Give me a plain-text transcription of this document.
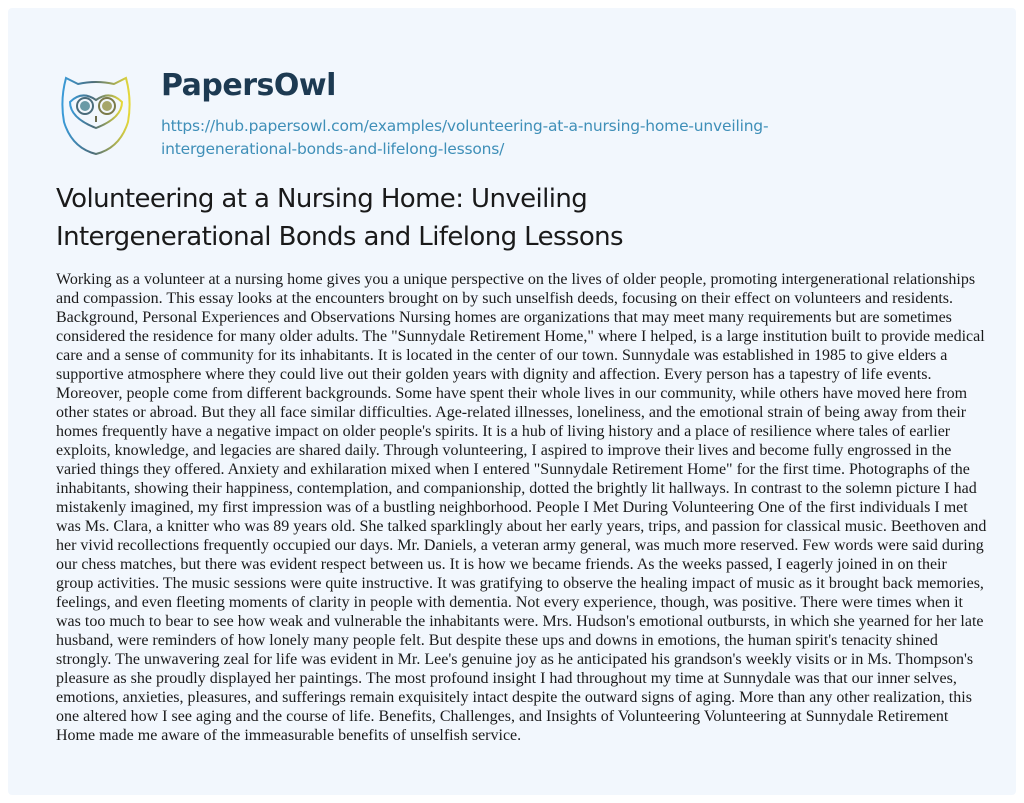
PapersOwl
https://hub.papersowl.com/examples/volunteering-at-a-nursing-home-unveiling-
intergenerational-bonds-and-lifelong-lessons/
Volunteering at a Nursing Home: Unveiling
Intergenerational Bonds and Lifelong Lessons

Working as a volunteer at a nursing home gives you a unique perspective on the lives of older people, promoting intergenerational relationships and compassion. This essay looks at the encounters brought on by such unselfish deeds, focusing on their effect on volunteers and residents. Background, Personal Experiences and Observations Nursing homes are organizations that may meet many requirements but are sometimes considered the residence for many older adults. The "Sunnydale Retirement Home," where I helped, is a large institution built to provide medical care and a sense of community for its inhabitants. It is located in the center of our town. Sunnydale was established in 1985 to give elders a supportive atmosphere where they could live out their golden years with dignity and affection. Every person has a tapestry of life events. Moreover, people come from different backgrounds. Some have spent their whole lives in our community, while others have moved here from other states or abroad. But they all face similar difficulties. Age-related illnesses, loneliness, and the emotional strain of being away from their homes frequently have a negative impact on older people's spirits. It is a hub of living history and a place of resilience where tales of earlier exploits, knowledge, and legacies are shared daily. Through volunteering, I aspired to improve their lives and become fully engrossed in the varied things they offered. Anxiety and exhilaration mixed when I entered "Sunnydale Retirement Home" for the first time. Photographs of the inhabitants, showing their happiness, contemplation, and companionship, dotted the brightly lit hallways. In contrast to the solemn picture I had mistakenly imagined, my first impression was of a bustling neighborhood. People I Met During Volunteering One of the first individuals I met was Ms. Clara, a knitter who was 89 years old. She talked sparklingly about her early years, trips, and passion for classical music. Beethoven and her vivid recollections frequently occupied our days. Mr. Daniels, a veteran army general, was much more reserved. Few words were said during our chess matches, but there was evident respect between us. It is how we became friends. As the weeks passed, I eagerly joined in on their group activities. The music sessions were quite instructive. It was gratifying to observe the healing impact of music as it brought back memories, feelings, and even fleeting moments of clarity in people with dementia. Not every experience, though, was positive. There were times when it was too much to bear to see how weak and vulnerable the inhabitants were. Mrs. Hudson's emotional outbursts, in which she yearned for her late husband, were reminders of how lonely many people felt. But despite these ups and downs in emotions, the human spirit's tenacity shined strongly. The unwavering zeal for life was evident in Mr. Lee's genuine joy as he anticipated his grandson's weekly visits or in Ms. Thompson's pleasure as she proudly displayed her paintings. The most profound insight I had throughout my time at Sunnydale was that our inner selves, emotions, anxieties, pleasures, and sufferings remain exquisitely intact despite the outward signs of aging. More than any other realization, this one altered how I see aging and the course of life. Benefits, Challenges, and Insights of Volunteering Volunteering at Sunnydale Retirement Home made me aware of the immeasurable benefits of unselfish service.
